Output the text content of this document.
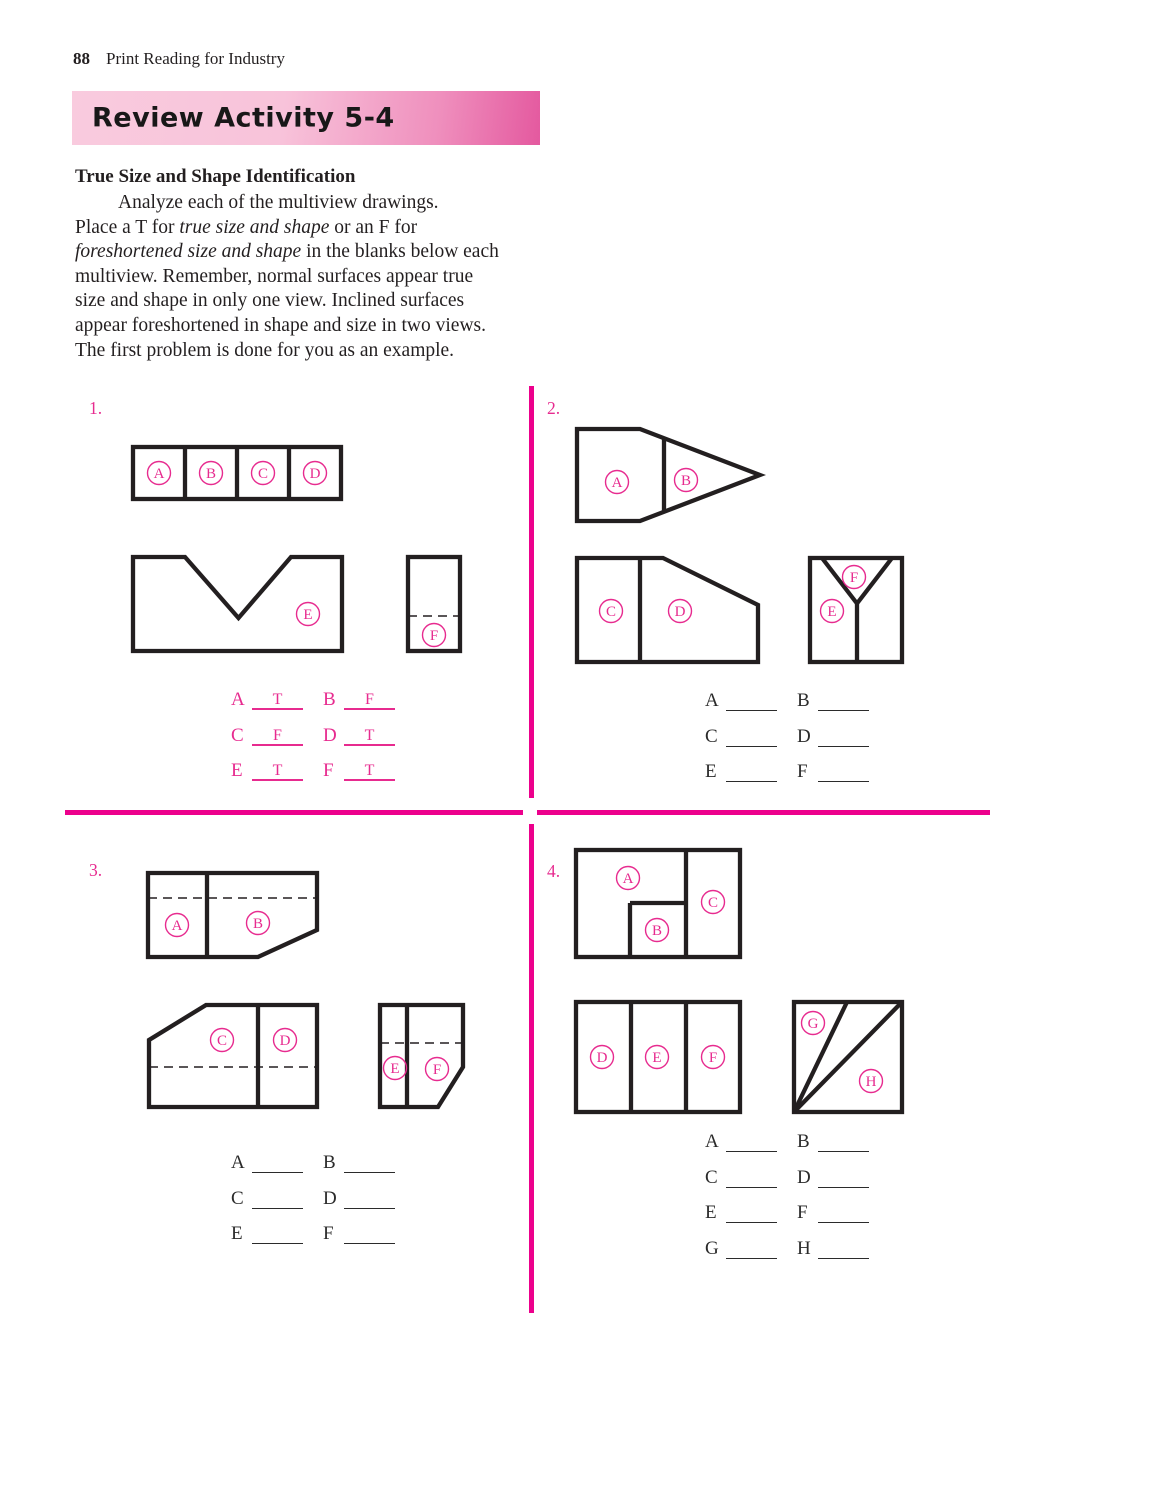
88 Print Reading for Industry
Review Activity 5-4
True Size and Shape Identification
Analyze each of the multiview drawings.
Place a T for true size and shape or an F for
foreshortened size and shape in the blanks below each
multiview. Remember, normal surfaces appear true
size and shape in only one view. Inclined surfaces
appear foreshortened in shape and size in two views.
The first problem is done for you as an example.
1.	2.
3.	4.
A	B	C	D
E
F
A	B
C	D	E
F
A	B
C	D
E F
A
B
C
D	E	F
G
H
A T B F
C F D T
E	T F	T
A	B
C	D
E	F
A	B
C	D
E	F
A	B
C	D
E	F
G	H
